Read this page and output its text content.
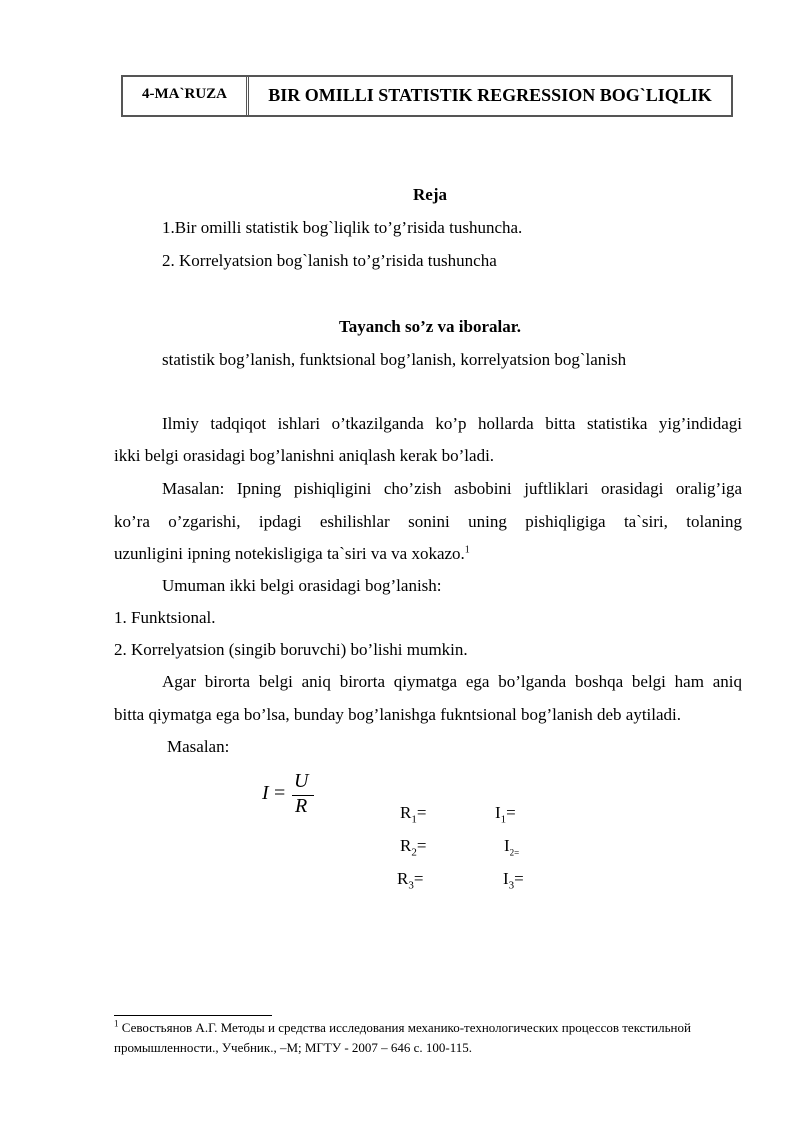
4-MA`RUZA	BIR OMILLI STATISTIK REGRESSION BOG`LIQLIK
Reja
1.Bir omilli statistik bog`liqlik to’g’risida tushuncha.
2. Korrelyatsion bog`lanish to’g’risida tushuncha
Tayanch so’z va iboralar.
statistik bog’lanish, funktsional bog’lanish, korrelyatsion bog`lanish
Ilmiy tadqiqot ishlari o’tkazilganda ko’p hollarda bitta statistika yig’indidagi
ikki belgi orasidagi bog’lanishni aniqlash kerak bo’ladi.
Masalan: Ipning pishiqligini cho’zish asbobini juftliklari orasidagi oralig’iga
ko’ra o’zgarishi, ipdagi eshilishlar sonini uning pishiqligiga ta`siri, tolaning
uzunligini ipning notekisligiga ta`siri va va xokazo.$^1$
Umuman ikki belgi orasidagi bog’lanish:
1. Funktsional.
2. Korrelyatsion (singib boruvchi) bo’lishi mumkin.
Agar birorta belgi aniq birorta qiymatga ega bo’lganda boshqa belgi ham aniq
bitta qiymatga ega bo’lsa, bunday bog’lanishga fukntsional bog’lanish deb aytiladi.
Masalan:
I =
U
R	$R_1=$	$I_1=$
$R_2=$	$I_{2=}$
$R_3=$	$I_3=$
$^1$ Севостьянов А.Г. Методы и средства исследования механико-технологических процессов текстильной
промышленности., Учебник., –М; МГТУ - 2007 – 646 с. 100-115.
